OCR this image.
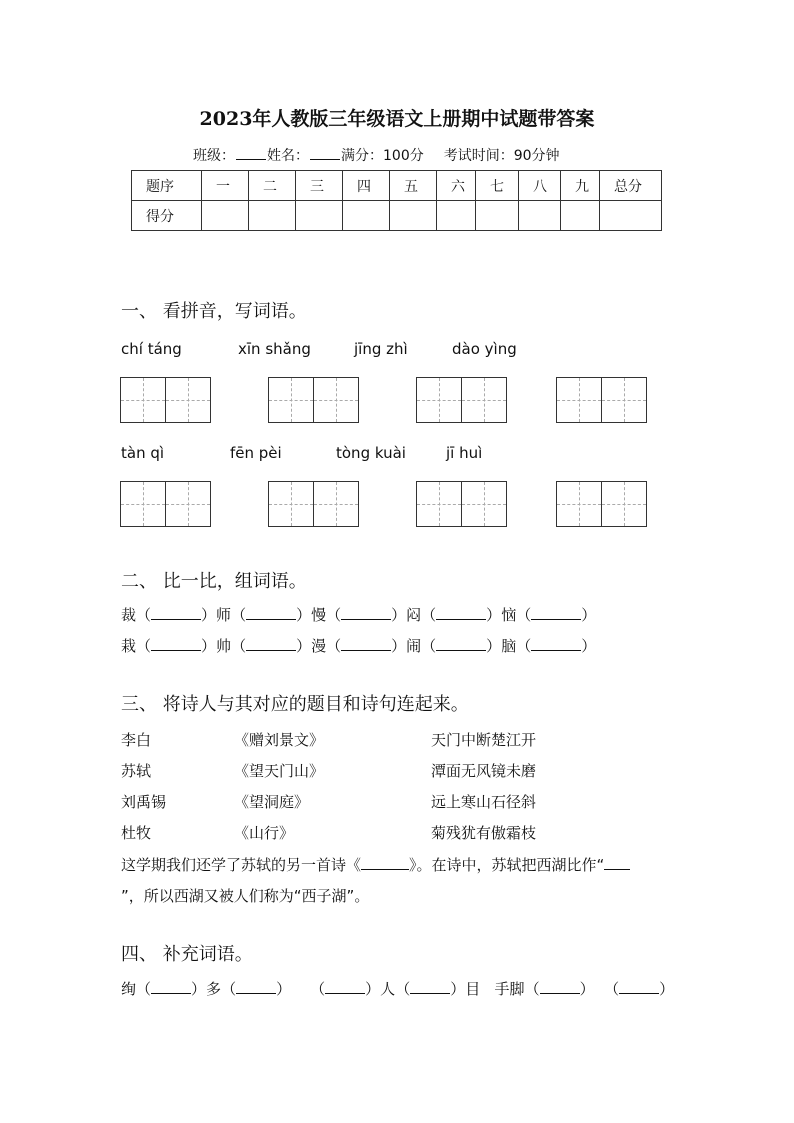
2023年人教版三年级语文上册期中试题带答案
班级： 姓名： 满分：100分 考试时间：90分钟
题序	一	二	三	四	五	六	七	八	九	总分
得分										
一、 看拼音，写词语。
chí táng	xīn shǎng	jīng zhì	dào yìng
tàn qì	fēn pèi	tòng kuài	jī huì
二、 比一比，组词语。
裁（	）师（	）慢（	）闷（	）恼（	）
栽（	）帅（	）漫（	）闹（	）脑（	）
三、 将诗人与其对应的题目和诗句连起来。
李白	《赠刘景文》	天门中断楚江开
苏轼	《望天门山》	潭面无风镜未磨
刘禹锡	《望洞庭》	远上寒山石径斜
杜牧	《山行》	菊残犹有傲霜枝
这学期我们还学了苏轼的另一首诗《	》。在诗中，苏轼把西湖比作“
”，所以西湖又被人们称为“西子湖”。
四、 补充词语。
绚（	）多（	）    （	）人（	）目 手脚（	）  （	）
